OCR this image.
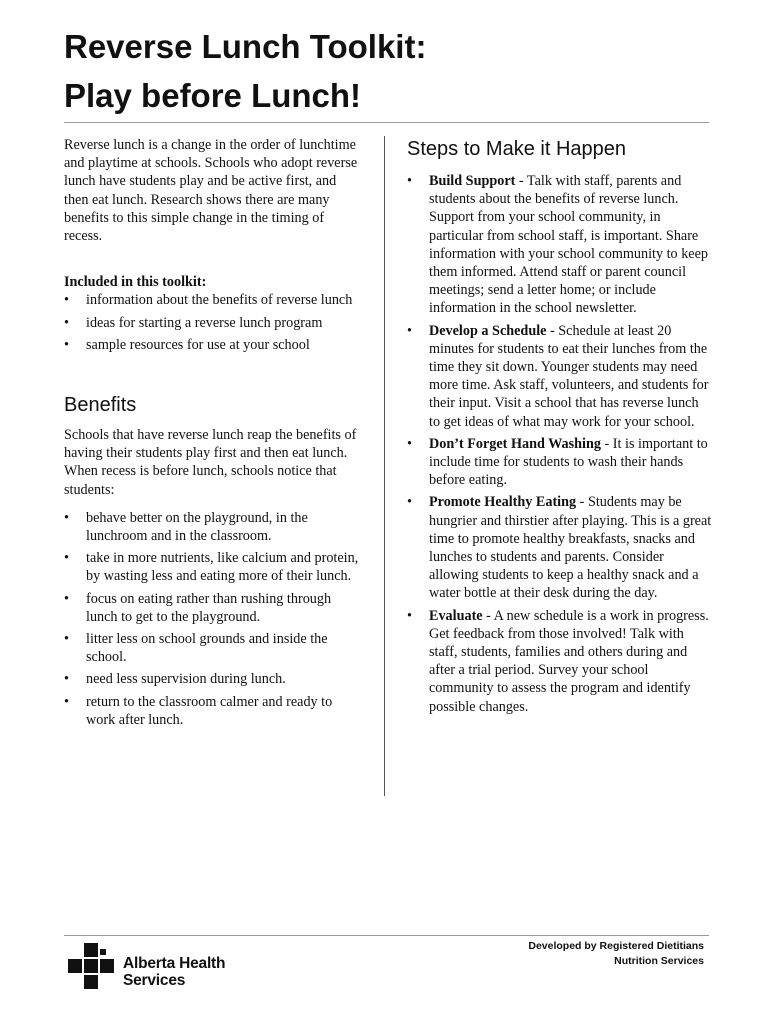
Reverse Lunch Toolkit:
Play before Lunch!

Reverse lunch is a change in the order of lunchtime and playtime at schools. Schools who adopt reverse lunch have students play and be active first, and then eat lunch. Research shows there are many benefits to this simple change in the timing of recess.

Included in this toolkit:
•	information about the benefits of reverse lunch
•	ideas for starting a reverse lunch program
•	sample resources for use at your school
Benefits

Schools that have reverse lunch reap the benefits of having their students play first and then eat lunch. When recess is before lunch, schools notice that students:

•	behave better on the playground, in the lunchroom and in the classroom.
•	take in more nutrients, like calcium and protein, by wasting less and eating more of their lunch.
•	focus on eating rather than rushing through lunch to get to the playground.
•	litter less on school grounds and inside the school.
•	need less supervision during lunch.
•	return to the classroom calmer and ready to work after lunch.
Steps to Make it Happen
•	Build Support - Talk with staff, parents and students about the benefits of reverse lunch. Support from your school community, in particular from school staff, is important. Share information with your school community to keep them informed. Attend staff or parent council meetings; send a letter home; or include information in the school newsletter.
•	Develop a Schedule - Schedule at least 20 minutes for students to eat their lunches from the time they sit down. Younger students may need more time. Ask staff, volunteers, and students for their input. Visit a school that has reverse lunch to get ideas of what may work for your school.
•	Don’t Forget Hand Washing - It is important to include time for students to wash their hands before eating.
•	Promote Healthy Eating - Students may be hungrier and thirstier after playing. This is a great time to promote healthy breakfasts, snacks and lunches to students and parents. Consider allowing students to keep a healthy snack and a water bottle at their desk during the day.
•	Evaluate - A new schedule is a work in progress. Get feedback from those involved! Talk with staff, students, families and others during and after a trial period. Survey your school community to assess the program and identify possible changes.
Alberta Health
Services
Developed by Registered Dietitians
Nutrition Services
